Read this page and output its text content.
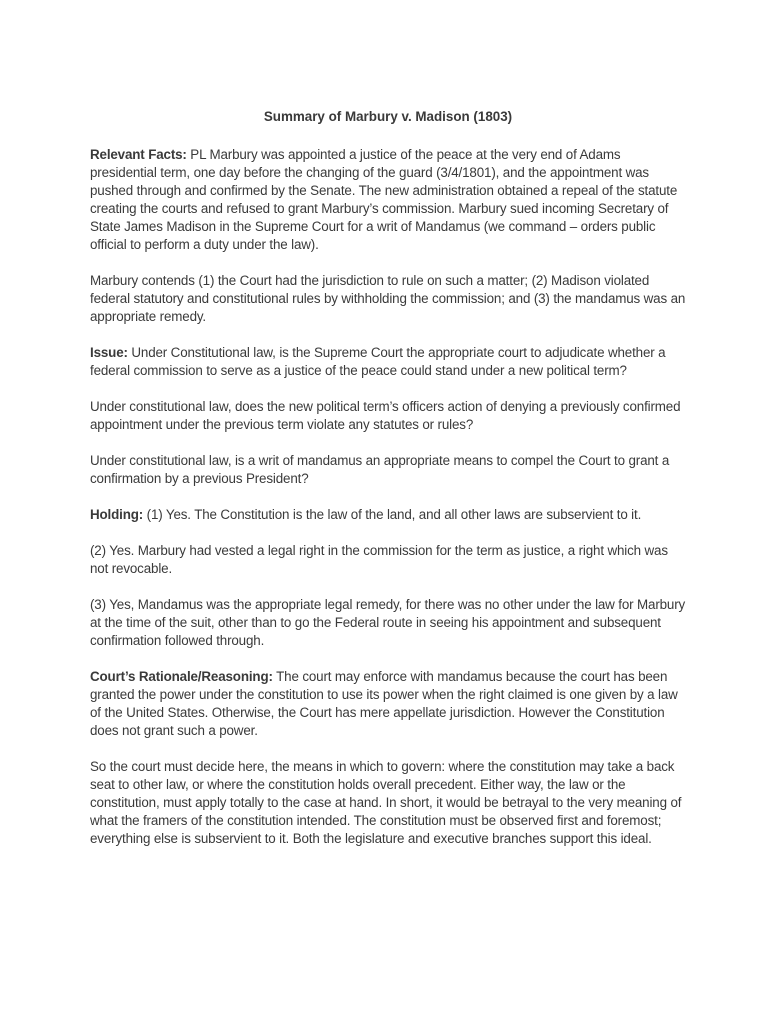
Summary of Marbury v. Madison (1803)

Relevant Facts: PL Marbury was appointed a justice of the peace at the very end of Adams presidential term, one day before the changing of the guard (3/4/1801), and the appointment was pushed through and confirmed by the Senate. The new administration obtained a repeal of the statute creating the courts and refused to grant Marbury’s commission. Marbury sued incoming Secretary of State James Madison in the Supreme Court for a writ of Mandamus (we command – orders public official to perform a duty under the law).

Marbury contends (1) the Court had the jurisdiction to rule on such a matter; (2) Madison violated federal statutory and constitutional rules by withholding the commission; and (3) the mandamus was an appropriate remedy.

Issue: Under Constitutional law, is the Supreme Court the appropriate court to adjudicate whether a federal commission to serve as a justice of the peace could stand under a new political term?

Under constitutional law, does the new political term’s officers action of denying a previously confirmed appointment under the previous term violate any statutes or rules?

Under constitutional law, is a writ of mandamus an appropriate means to compel the Court to grant a confirmation by a previous President?

Holding: (1) Yes. The Constitution is the law of the land, and all other laws are subservient to it.

(2) Yes. Marbury had vested a legal right in the commission for the term as justice, a right which was not revocable.

(3) Yes, Mandamus was the appropriate legal remedy, for there was no other under the law for Marbury at the time of the suit, other than to go the Federal route in seeing his appointment and subsequent confirmation followed through.

Court’s Rationale/Reasoning: The court may enforce with mandamus because the court has been granted the power under the constitution to use its power when the right claimed is one given by a law of the United States. Otherwise, the Court has mere appellate jurisdiction. However the Constitution does not grant such a power.

So the court must decide here, the means in which to govern: where the constitution may take a back seat to other law, or where the constitution holds overall precedent. Either way, the law or the constitution, must apply totally to the case at hand. In short, it would be betrayal to the very meaning of what the framers of the constitution intended. The constitution must be observed first and foremost; everything else is subservient to it. Both the legislature and executive branches support this ideal.
